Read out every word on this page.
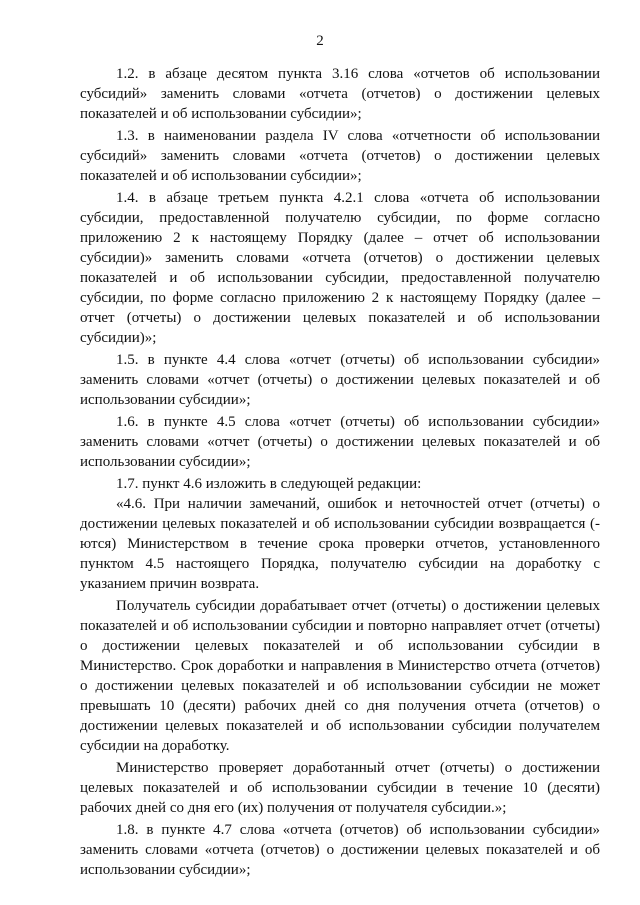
2

1.2. в абзаце десятом пункта 3.16 слова «отчетов об использовании субсидий» заменить словами «отчета (отчетов) о достижении целевых показателей и об использовании субсидии»;

1.3. в наименовании раздела IV слова «отчетности об использовании субсидий» заменить словами «отчета (отчетов) о достижении целевых показателей и об использовании субсидии»;

1.4. в абзаце третьем пункта 4.2.1 слова «отчета об использовании субсидии, предоставленной получателю субсидии, по форме согласно приложению 2 к настоящему Порядку (далее – отчет об использовании субсидии)» заменить словами «отчета (отчетов) о достижении целевых показателей и об использовании субсидии, предоставленной получателю субсидии, по форме согласно приложению 2 к настоящему Порядку (далее – отчет (отчеты) о достижении целевых показателей и об использовании субсидии)»;

1.5. в пункте 4.4 слова «отчет (отчеты) об использовании субсидии» заменить словами «отчет (отчеты) о достижении целевых показателей и об использовании субсидии»;

1.6. в пункте 4.5 слова «отчет (отчеты) об использовании субсидии» заменить словами «отчет (отчеты) о достижении целевых показателей и об использовании субсидии»;

1.7. пункт 4.6 изложить в следующей редакции:

«4.6. При наличии замечаний, ошибок и неточностей отчет (отчеты) о достижении целевых показателей и об использовании субсидии возвращается (-ются) Министерством в течение срока проверки отчетов, установленного пунктом 4.5 настоящего Порядка, получателю субсидии на доработку с указанием причин возврата.

Получатель субсидии дорабатывает отчет (отчеты) о достижении целевых показателей и об использовании субсидии и повторно направляет отчет (отчеты) о достижении целевых показателей и об использовании субсидии в Министерство. Срок доработки и направления в Министерство отчета (отчетов) о достижении целевых показателей и об использовании субсидии не может превышать 10 (десяти) рабочих дней со дня получения отчета (отчетов) о достижении целевых показателей и об использовании субсидии получателем субсидии на доработку.

Министерство проверяет доработанный отчет (отчеты) о достижении целевых показателей и об использовании субсидии в течение 10 (десяти) рабочих дней со дня его (их) получения от получателя субсидии.»;

1.8. в пункте 4.7 слова «отчета (отчетов) об использовании субсидии» заменить словами «отчета (отчетов) о достижении целевых показателей и об использовании субсидии»;
